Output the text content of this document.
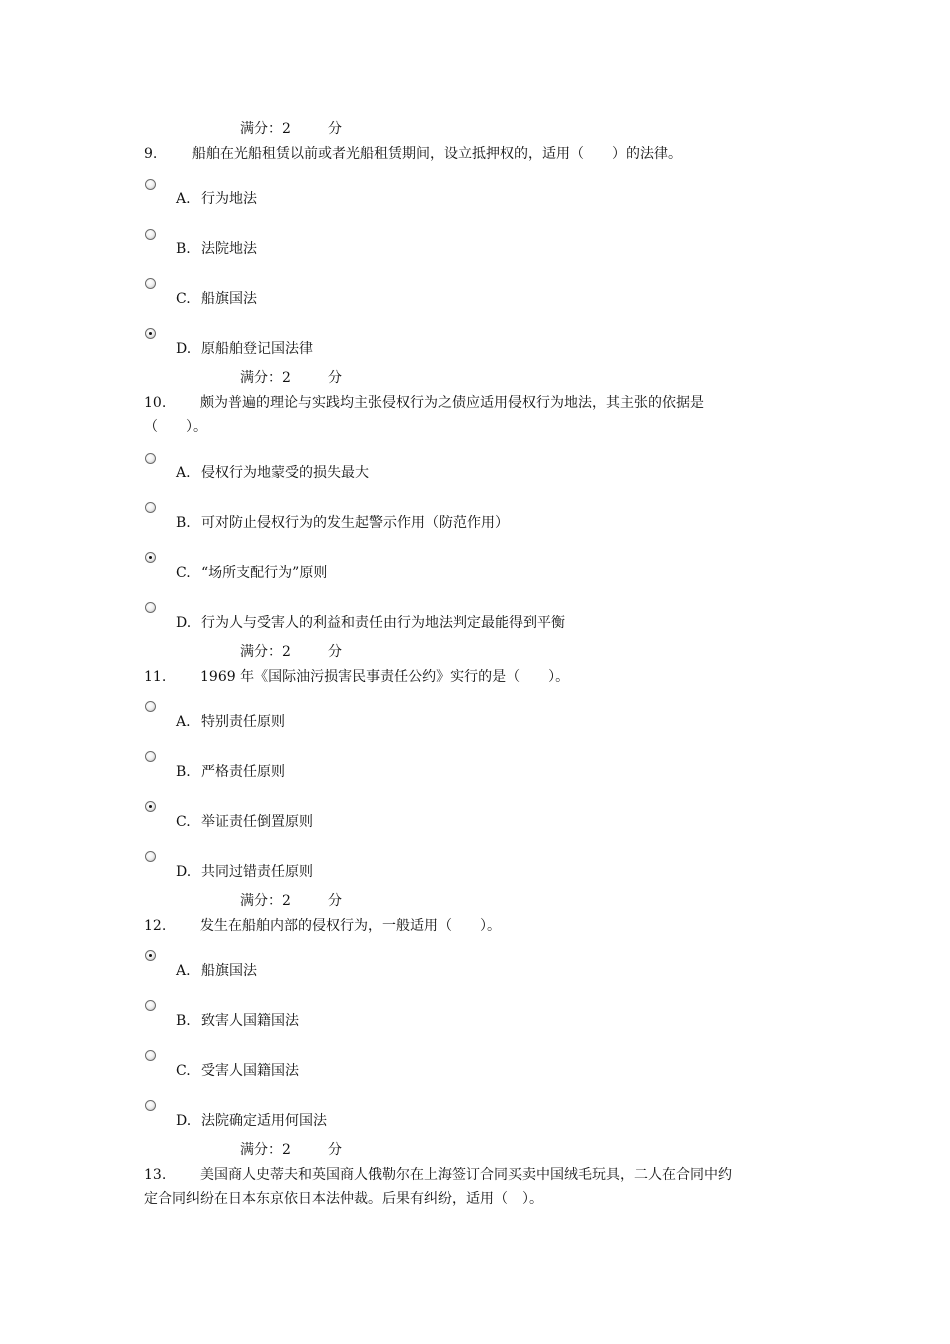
满分：2	分
9. 船舶在光船租赁以前或者光船租赁期间，设立抵押权的，适用（　　）的法律。
A. 行为地法
B. 法院地法
C. 船旗国法
D. 原船舶登记国法律
满分：2	分
10. 颇为普遍的理论与实践均主张侵权行为之债应适用侵权行为地法，其主张的依据是
（　　）。
A. 侵权行为地蒙受的损失最大
B. 可对防止侵权行为的发生起警示作用（防范作用）
C. “场所支配行为”原则
D. 行为人与受害人的利益和责任由行为地法判定最能得到平衡
满分：2	分
11. 1969 年《国际油污损害民事责任公约》实行的是（　　）。
A. 特别责任原则
B. 严格责任原则
C. 举证责任倒置原则
D. 共同过错责任原则
满分：2	分
12. 发生在船舶内部的侵权行为，一般适用（　　）。
A. 船旗国法
B. 致害人国籍国法
C. 受害人国籍国法
D. 法院确定适用何国法
满分：2	分
13. 美国商人史蒂夫和英国商人俄勒尔在上海签订合同买卖中国绒毛玩具，二人在合同中约
定合同纠纷在日本东京依日本法仲裁。后果有纠纷，适用（　）。
